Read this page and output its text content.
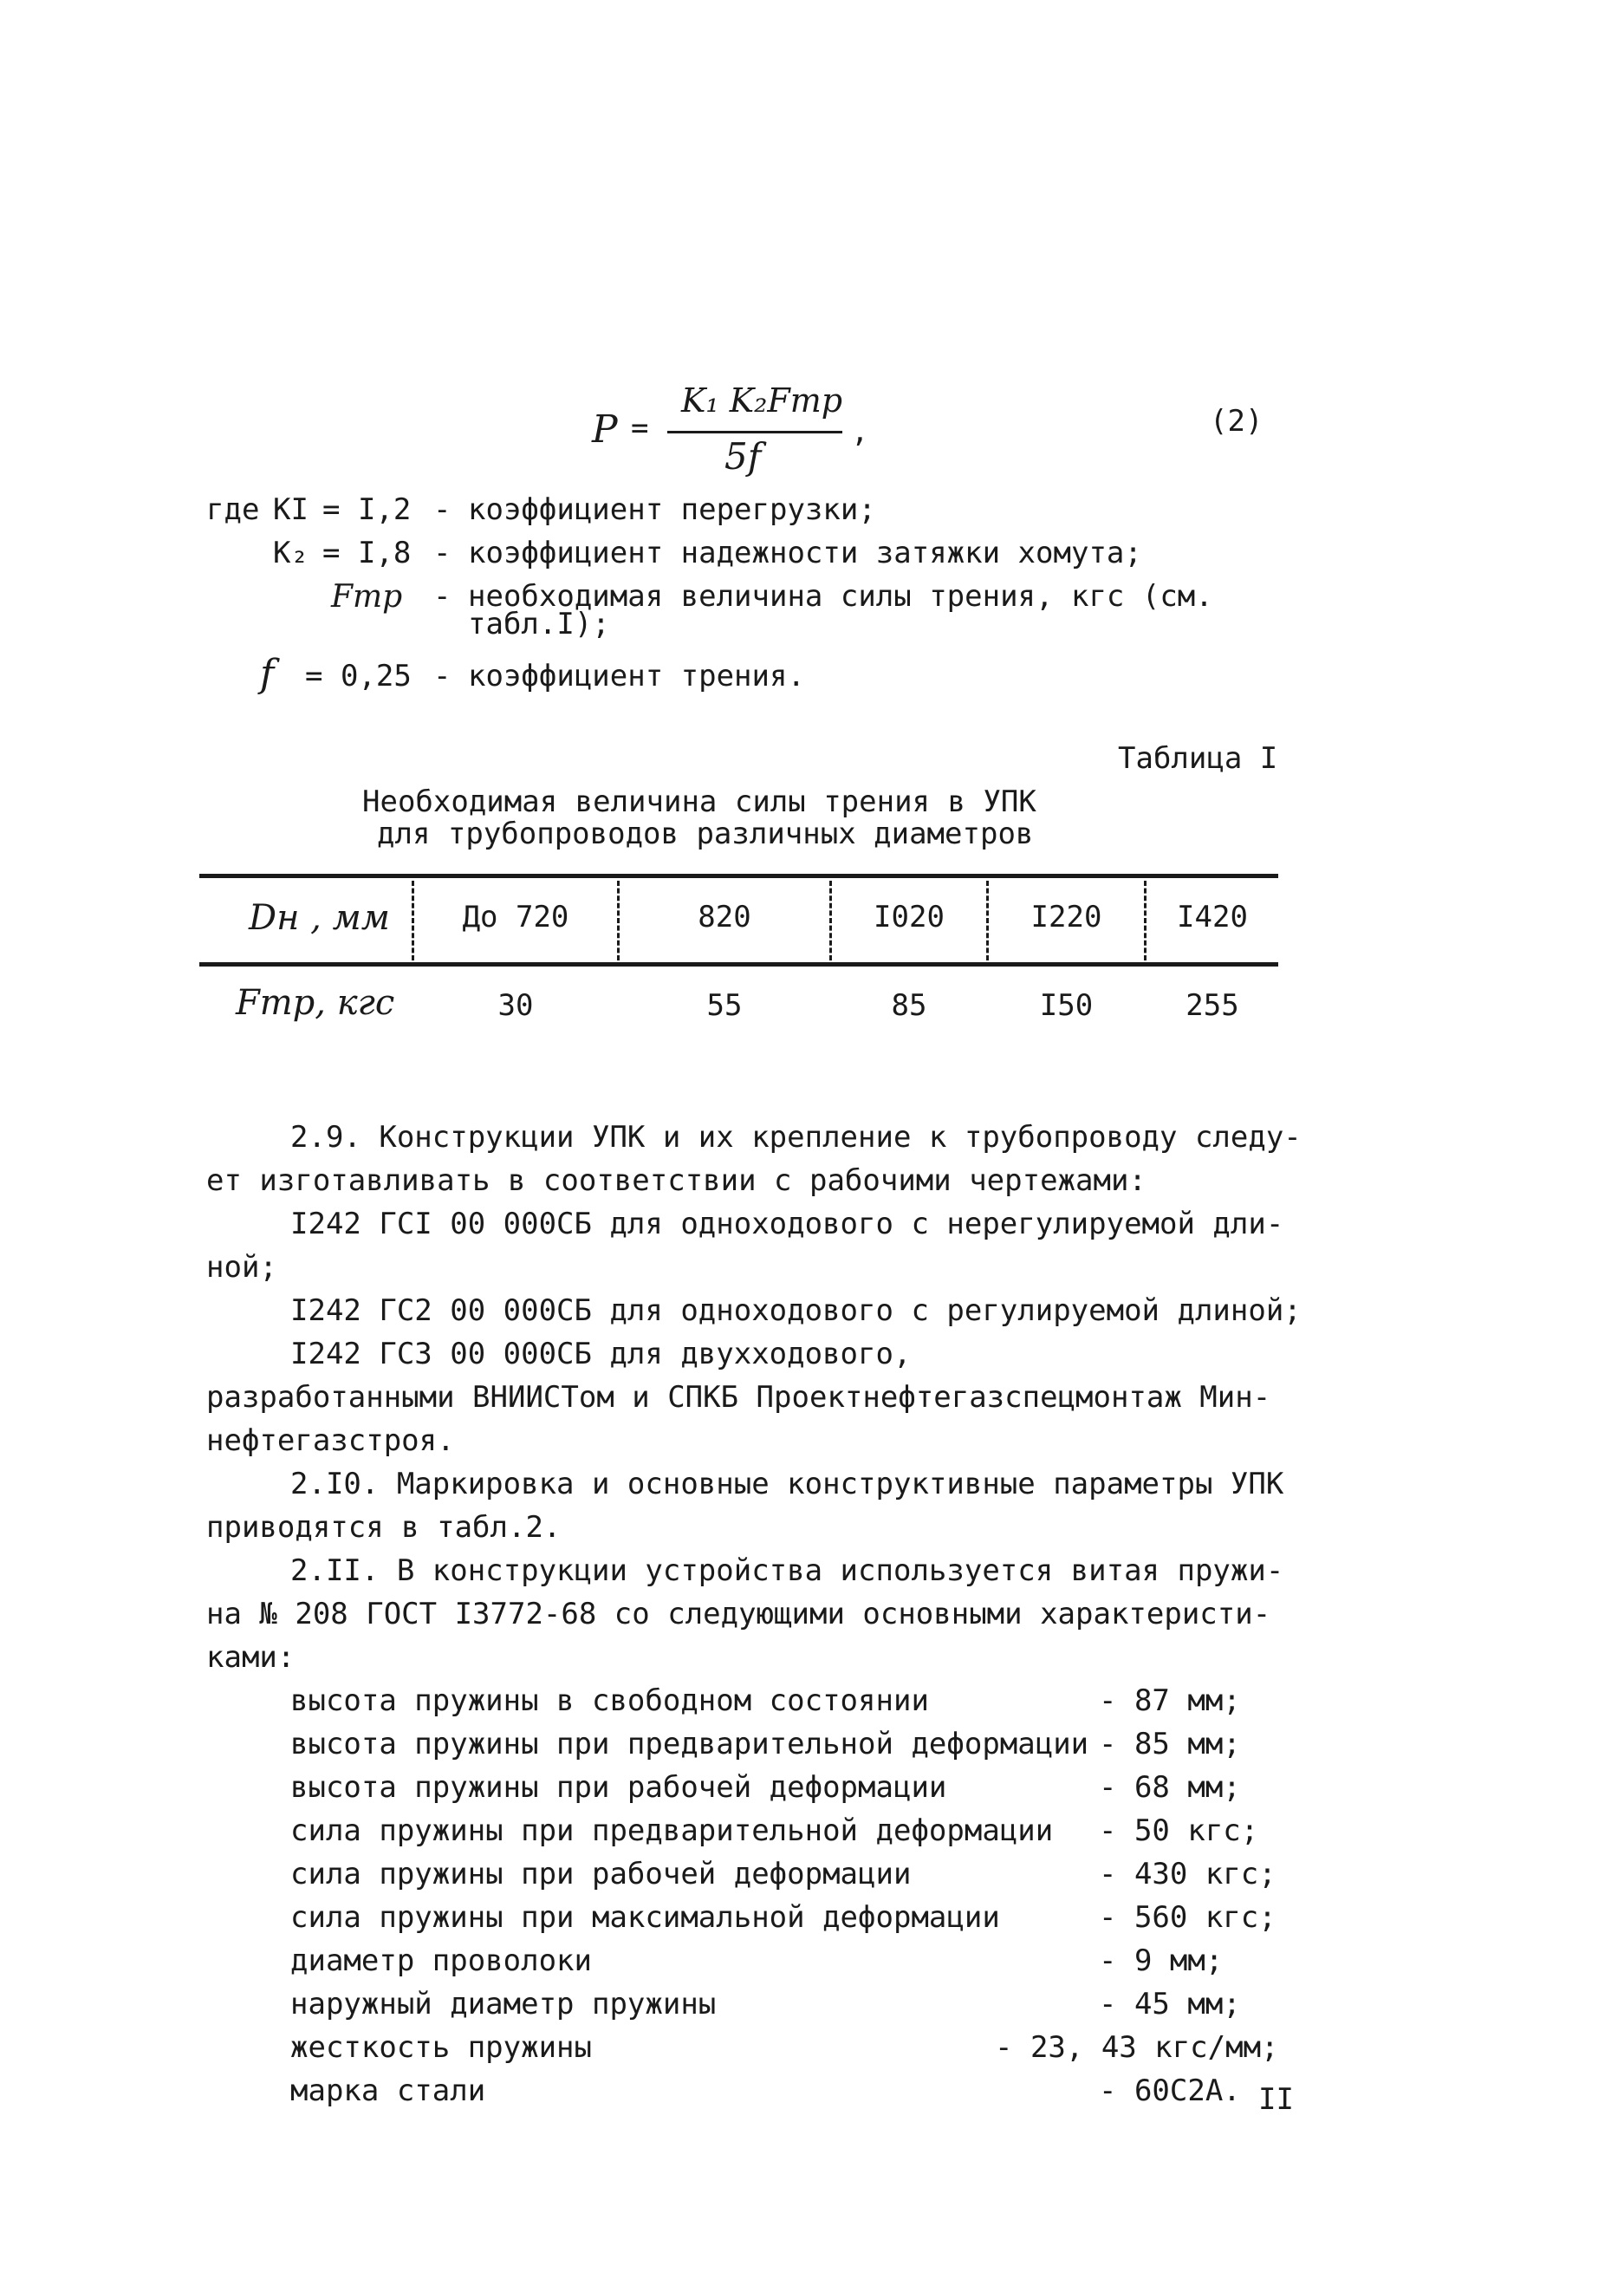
P =
K₁ K₂Fтр
5f
,	(2)
где KΙ = I,2 - коэффициент перегрузки;
K₂ = I,8 - коэффициент надежности затяжки хомута;
Fтр - необходимая величина силы трения, кгс (см.
табл.I);
f = 0,25 - коэффициент трения.
Таблица I
Необходимая величина силы трения в УПК
для трубопроводов различных диаметров
Dн , мм	До 720	820	I020	I220	I420
Fтр, кгс	30	55	85	I50	255
2.9. Конструкции УПК и их крепление к трубопроводу следу-
ет изготавливать в соответствии с рабочими чертежами:
I242 ГСI 00 000СБ для одноходового с нерегулируемой дли-
ной;
I242 ГС2 00 000СБ для одноходового с регулируемой длиной;
I242 ГС3 00 000СБ для двухходового,
разработанными ВНИИСТом и СПКБ Проектнефтегазспецмонтаж Мин-
нефтегазстроя.
2.I0. Маркировка и основные конструктивные параметры УПК
приводятся в табл.2.
2.II. В конструкции устройства используется витая пружи-
на № 208 ГОСТ I3772-68 со следующими основными характеристи-
ками:
высота пружины в свободном состоянии	- 87 мм;
высота пружины при предварительной деформации - 85 мм;
высота пружины при рабочей деформации	- 68 мм;
сила пружины при предварительной деформации - 50 кгс;
сила пружины при рабочей деформации	- 430 кгс;
сила пружины при максимальной деформации	- 560 кгс;
диаметр проволоки	- 9 мм;
наружный диаметр пружины	- 45 мм;
жесткость пружины	- 23, 43 кгс/мм;
марка стали	- 60С2А. II
